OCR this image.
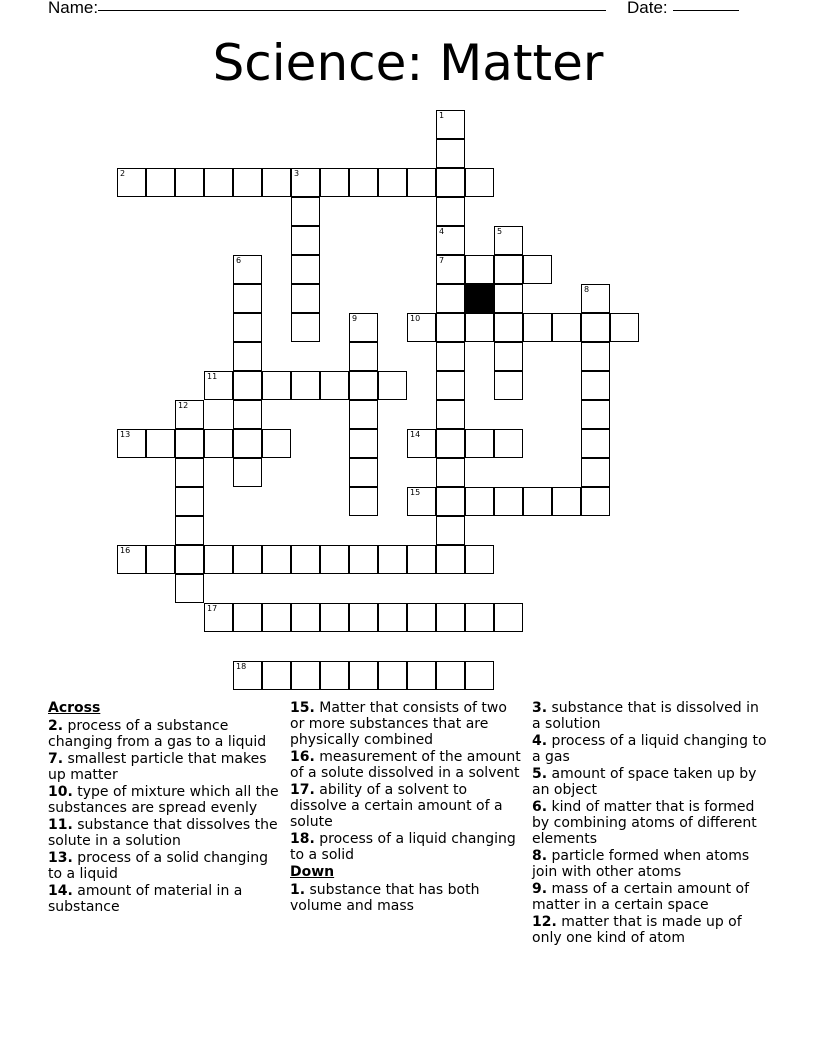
Name:	Date:
Science: Matter
1
4
7
2	3
5
6
8
9	10
11
12
13	14
15
16
17
18
Across
2. process of a substance changing from a gas to a liquid
7. smallest particle that makes up matter
10. type of mixture which all the substances are spread evenly
11. substance that dissolves the solute in a solution
13. process of a solid changing to a liquid
14. amount of material in a substance
15. Matter that consists of two or more substances that are physically combined
16. measurement of the amount of a solute dissolved in a solvent
17. ability of a solvent to dissolve a certain amount of a solute
18. process of a liquid changing to a solid
Down
1. substance that has both volume and mass
3. substance that is dissolved in a solution
4. process of a liquid changing to a gas
5. amount of space taken up by an object
6. kind of matter that is formed by combining atoms of different elements
8. particle formed when atoms join with other atoms
9. mass of a certain amount of matter in a certain space
12. matter that is made up of only one kind of atom
